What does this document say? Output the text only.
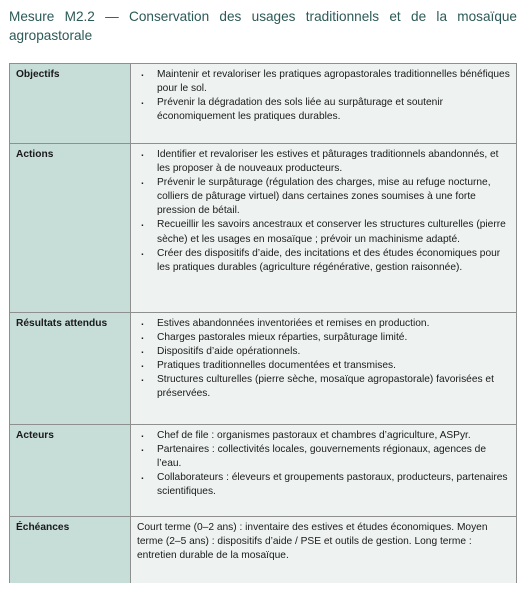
Mesure M2.2 — Conservation des usages traditionnels et de la mosaïque agropastorale
Objectifs	. Maintenir et revaloriser les pratiques agropastorales traditionnelles bénéfiques pour le sol.
. Prévenir la dégradation des sols liée au surpâturage et soutenir économiquement les pratiques durables.
Actions	. Identifier et revaloriser les estives et pâturages traditionnels abandonnés, et les proposer à de nouveaux producteurs.
. Prévenir le surpâturage (régulation des charges, mise au refuge nocturne, colliers de pâturage virtuel) dans certaines zones soumises à une forte pression de bétail.
. Recueillir les savoirs ancestraux et conserver les structures culturelles (pierre sèche) et les usages en mosaïque ; prévoir un machinisme adapté.
. Créer des dispositifs d’aide, des incitations et des études économiques pour les pratiques durables (agriculture régénérative, gestion raisonnée).
Résultats attendus	. Estives abandonnées inventoriées et remises en production.
. Charges pastorales mieux réparties, surpâturage limité.
. Dispositifs d’aide opérationnels.
. Pratiques traditionnelles documentées et transmises.
. Structures culturelles (pierre sèche, mosaïque agropastorale) favorisées et préservées.
Acteurs	. Chef de file : organismes pastoraux et chambres d’agriculture, ASPyr.
. Partenaires : collectivités locales, gouvernements régionaux, agences de l’eau.
. Collaborateurs : éleveurs et groupements pastoraux, producteurs, partenaires scientifiques.
Échéances	Court terme (0–2 ans) : inventaire des estives et études économiques. Moyen terme (2–5 ans) : dispositifs d’aide / PSE et outils de gestion. Long terme : entretien durable de la mosaïque.
